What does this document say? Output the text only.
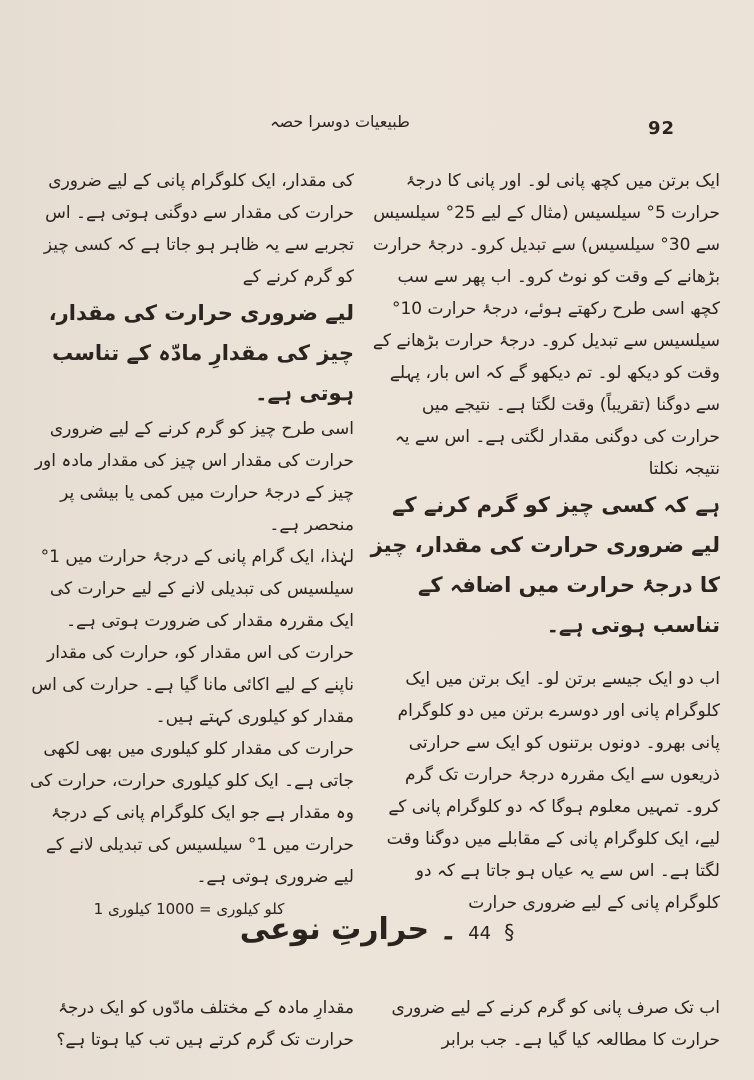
طبیعیات دوسرا حصہ	92

ایک برتن میں کچھ پانی لو۔ اور پانی کا درجۂ حرارت 5° سیلسیس (مثال کے لیے 25° سیلسیس سے 30° سیلسیس) سے تبدیل کرو۔ درجۂ حرارت بڑھانے کے وقت کو نوٹ کرو۔ اب پھر سے سب کچھ اسی طرح رکھتے ہوئے، درجۂ حرارت 10° سیلسیس سے تبدیل کرو۔ درجۂ حرارت بڑھانے کے وقت کو دیکھ لو۔ تم دیکھو گے کہ اس بار، پہلے سے دوگنا (تقریباً) وقت لگتا ہے۔ نتیجے میں حرارت کی دوگنی مقدار لگتی ہے۔ اس سے یہ نتیجہ نکلتا

ہے کہ کسی چیز کو گرم کرنے کے لیے ضروری حرارت کی مقدار، چیز کا درجۂ حرارت میں اضافہ کے تناسب ہوتی ہے۔

اب دو ایک جیسے برتن لو۔ ایک برتن میں ایک کلوگرام پانی اور دوسرے برتن میں دو کلوگرام پانی بھرو۔ دونوں برتنوں کو ایک سے حرارتی ذریعوں سے ایک مقررہ درجۂ حرارت تک گرم کرو۔ تمہیں معلوم ہوگا کہ دو کلوگرام پانی کے لیے، ایک کلوگرام پانی کے مقابلے میں دوگنا وقت لگتا ہے۔ اس سے یہ عیاں ہو جاتا ہے کہ دو کلوگرام پانی کے لیے ضروری حرارت

کی مقدار، ایک کلوگرام پانی کے لیے ضروری حرارت کی مقدار سے دوگنی ہوتی ہے۔ اس تجربے سے یہ ظاہر ہو جاتا ہے کہ کسی چیز کو گرم کرنے کے

لیے ضروری حرارت کی مقدار، چیز کی مقدارِ مادّہ کے تناسب ہوتی ہے۔

اسی طرح چیز کو گرم کرنے کے لیے ضروری حرارت کی مقدار اس چیز کی مقدار مادہ اور چیز کے درجۂ حرارت میں کمی یا بیشی پر منحصر ہے۔

لہٰذا، ایک گرام پانی کے درجۂ حرارت میں 1° سیلسیس کی تبدیلی لانے کے لیے حرارت کی ایک مقررہ مقدار کی ضرورت ہوتی ہے۔ حرارت کی اس مقدار کو، حرارت کی مقدار ناپنے کے لیے اکائی مانا گیا ہے۔ حرارت کی اس مقدار کو کیلوری کہتے ہیں۔

حرارت کی مقدار کلو کیلوری میں بھی لکھی جاتی ہے۔ ایک کلو کیلوری حرارت، حرارت کی وہ مقدار ہے جو ایک کلوگرام پانی کے درجۂ حرارت میں 1° سیلسیس کی تبدیلی لانے کے لیے ضروری ہوتی ہے۔

1 کلو کیلوری = 1000 کیلوری

§ 44 ۔ حرارتِ نوعی

اب تک صرف پانی کو گرم کرنے کے لیے ضروری حرارت کا مطالعہ کیا گیا ہے۔ جب برابر

مقدارِ مادہ کے مختلف مادّوں کو ایک درجۂ حرارت تک گرم کرتے ہیں تب کیا ہوتا ہے؟
